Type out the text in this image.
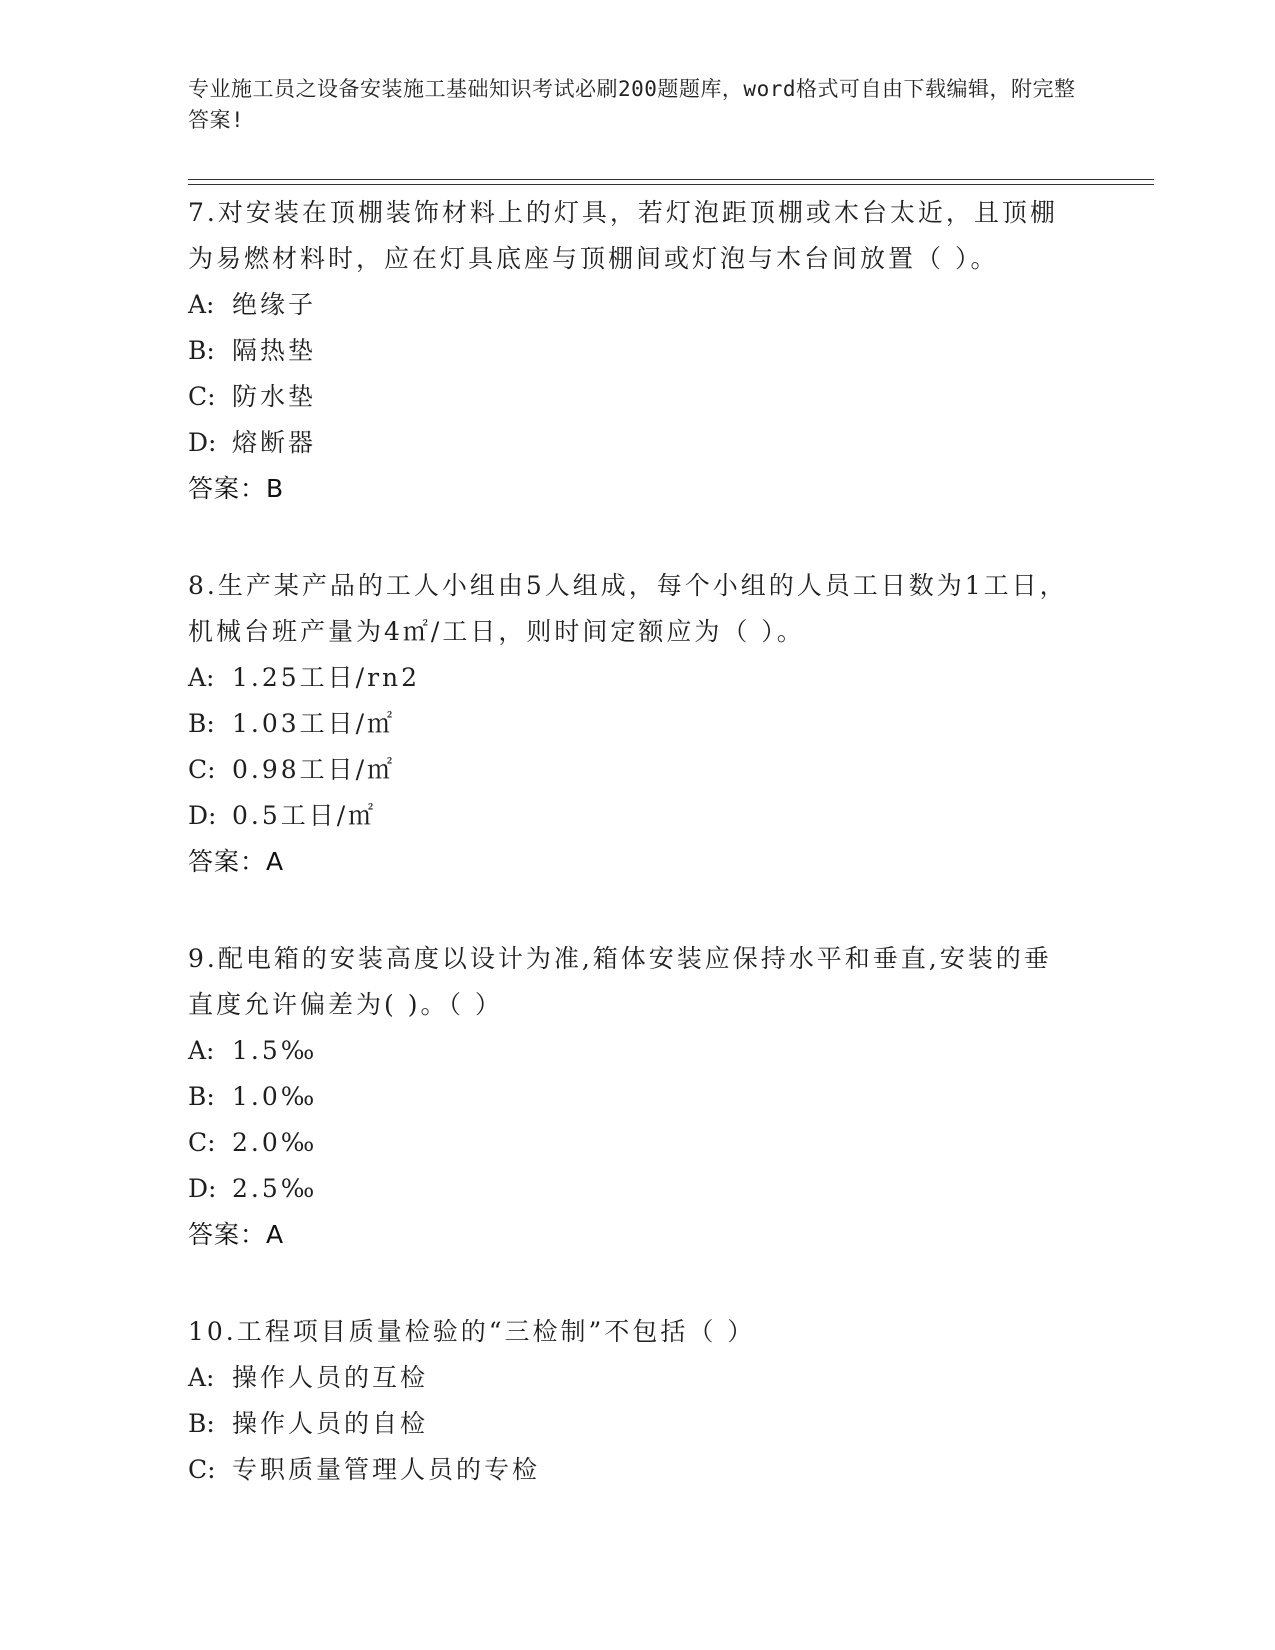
专业施工员之设备安装施工基础知识考试必刷200题题库，word格式可自由下载编辑，附完整答案!
7.对安装在顶棚装饰材料上的灯具，若灯泡距顶棚或木台太近，且顶棚为易燃材料时，应在灯具底座与顶棚间或灯泡与木台间放置（ ）。
A: 绝缘子
B: 隔热垫
C: 防水垫
D: 熔断器
答案：B
8.生产某产品的工人小组由5人组成，每个小组的人员工日数为1工日，机械台班产量为4㎡/工日，则时间定额应为（ ）。
A: 1.25工日/rn2
B: 1.03工日/㎡
C: 0.98工日/㎡
D: 0.5工日/㎡
答案：A
9.配电箱的安装高度以设计为准,箱体安装应保持水平和垂直,安装的垂直度允许偏差为( )。（ ）
A: 1.5‰
B: 1.0‰
C: 2.0‰
D: 2.5‰
答案：A
10.工程项目质量检验的“三检制”不包括（ ）
A: 操作人员的互检
B: 操作人员的自检
C: 专职质量管理人员的专检
